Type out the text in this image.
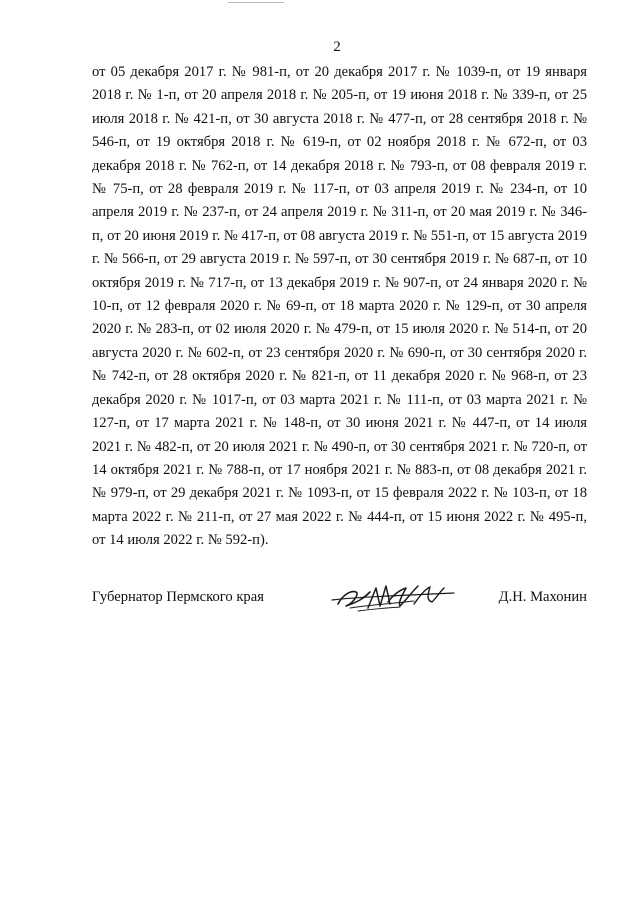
2

от 05 декабря 2017 г. № 981-п, от 20 декабря 2017 г. № 1039-п, от 19 января 2018 г. № 1-п, от 20 апреля 2018 г. № 205-п, от 19 июня 2018 г. № 339-п, от 25 июля 2018 г. № 421-п, от 30 августа 2018 г. № 477-п, от 28 сентября 2018 г. № 546-п, от 19 октября 2018 г. № 619-п, от 02 ноября 2018 г. № 672-п, от 03 декабря 2018 г. № 762-п, от 14 декабря 2018 г. № 793-п, от 08 февраля 2019 г. № 75-п, от 28 февраля 2019 г. № 117-п, от 03 апреля 2019 г. № 234-п, от 10 апреля 2019 г. № 237-п, от 24 апреля 2019 г. № 311-п, от 20 мая 2019 г. № 346-п, от 20 июня 2019 г. № 417-п, от 08 августа 2019 г. № 551-п, от 15 августа 2019 г. № 566-п, от 29 августа 2019 г. № 597-п, от 30 сентября 2019 г. № 687-п, от 10 октября 2019 г. № 717-п, от 13 декабря 2019 г. № 907-п, от 24 января 2020 г. № 10-п, от 12 февраля 2020 г. № 69-п, от 18 марта 2020 г. № 129-п, от 30 апреля 2020 г. № 283-п, от 02 июля 2020 г. № 479-п, от 15 июля 2020 г. № 514-п, от 20 августа 2020 г. № 602-п, от 23 сентября 2020 г. № 690-п, от 30 сентября 2020 г. № 742-п, от 28 октября 2020 г. № 821-п, от 11 декабря 2020 г. № 968-п, от 23 декабря 2020 г. № 1017-п, от 03 марта 2021 г. № 111-п, от 03 марта 2021 г. № 127-п, от 17 марта 2021 г. № 148-п, от 30 июня 2021 г. № 447-п, от 14 июля 2021 г. № 482-п, от 20 июля 2021 г. № 490-п, от 30 сентября 2021 г. № 720-п, от 14 октября 2021 г. № 788-п, от 17 ноября 2021 г. № 883-п, от 08 декабря 2021 г. № 979-п, от 29 декабря 2021 г. № 1093-п, от 15 февраля 2022 г. № 103-п, от 18 марта 2022 г. № 211-п, от 27 мая 2022 г. № 444-п, от 15 июня 2022 г. № 495-п, от 14 июля 2022 г. № 592-п).

Губернатор Пермского края	Д.Н. Махонин
